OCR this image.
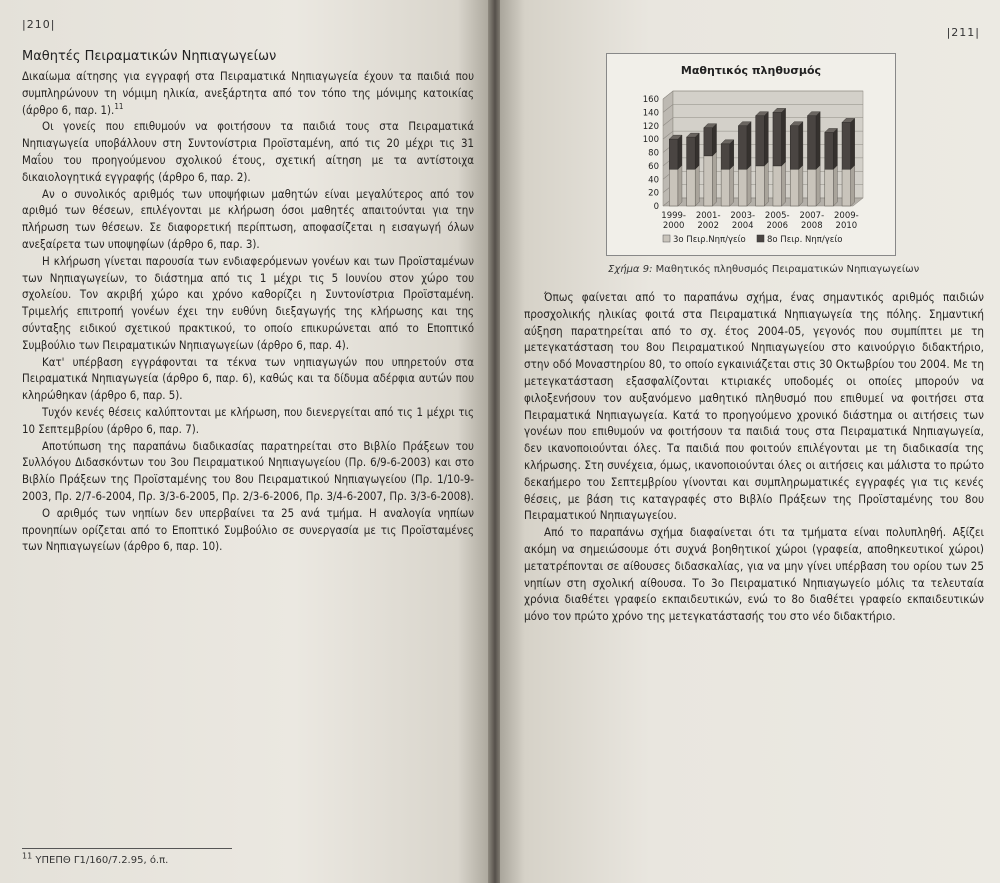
|210|
Μαθητές Πειραματικών Νηπιαγωγείων

Δικαίωμα αίτησης για εγγραφή στα Πειραματικά Νηπιαγωγεία έχουν τα παιδιά που συμπληρώνουν τη νόμιμη ηλικία, ανεξάρτητα από τον τόπο της μόνιμης κατοικίας (άρθρο 6, παρ. 1).$^{11}$

Οι γονείς που επιθυμούν να φοιτήσουν τα παιδιά τους στα Πειραματικά Νηπιαγωγεία υποβάλλουν στη Συντονίστρια Προϊσταμένη, από τις 20 μέχρι τις 31 Μαΐου του προηγούμενου σχολικού έτους, σχετική αίτηση με τα αντίστοιχα δικαιολογητικά εγγραφής (άρθρο 6, παρ. 2).

Αν ο συνολικός αριθμός των υποψήφιων μαθητών είναι μεγαλύτερος από τον αριθμό των θέσεων, επιλέγονται με κλήρωση όσοι μαθητές απαιτούνται για την πλήρωση των θέσεων. Σε διαφορετική περίπτωση, αποφασίζεται η εισαγωγή όλων ανεξαίρετα των υποψηφίων (άρθρο 6, παρ. 3).

Η κλήρωση γίνεται παρουσία των ενδιαφερόμενων γονέων και των Προϊσταμένων των Νηπιαγωγείων, το διάστημα από τις 1 μέχρι τις 5 Ιουνίου στον χώρο του σχολείου. Τον ακριβή χώρο και χρόνο καθορίζει η Συντονίστρια Προϊσταμένη. Τριμελής επιτροπή γονέων έχει την ευθύνη διεξαγωγής της κλήρωσης και της σύνταξης ειδικού σχετικού πρακτικού, το οποίο επικυρώνεται από το Εποπτικό Συμβούλιο των Πειραματικών Νηπιαγωγείων (άρθρο 6, παρ. 4).

Κατ' υπέρβαση εγγράφονται τα τέκνα των νηπιαγωγών που υπηρετούν στα Πειραματικά Νηπιαγωγεία (άρθρο 6, παρ. 6), καθώς και τα δίδυμα αδέρφια αυτών που κληρώθηκαν (άρθρο 6, παρ. 5).

Τυχόν κενές θέσεις καλύπτονται με κλήρωση, που διενεργείται από τις 1 μέχρι τις 10 Σεπτεμβρίου (άρθρο 6, παρ. 7).

Αποτύπωση της παραπάνω διαδικασίας παρατηρείται στο Βιβλίο Πράξεων του Συλλόγου Διδασκόντων του 3ου Πειραματικού Νηπιαγωγείου (Πρ. 6/9-6-2003) και στο Βιβλίο Πράξεων της Προϊσταμένης του 8ου Πειραματικού Νηπιαγωγείου (Πρ. 1/10-9-2003, Πρ. 2/7-6-2004, Πρ. 3/3-6-2005, Πρ. 2/3-6-2006, Πρ. 3/4-6-2007, Πρ. 3/3-6-2008).

Ο αριθμός των νηπίων δεν υπερβαίνει τα 25 ανά τμήμα. Η αναλογία νηπίων προνηπίων ορίζεται από το Εποπτικό Συμβούλιο σε συνεργασία με τις Προϊσταμένες των Νηπιαγωγείων (άρθρο 6, παρ. 10).

$^{11}$ ΥΠΕΠΘ Γ1/160/7.2.95, ό.π.
|211|
Μαθητικός πληθυσμός
0
20
40
60
80
100
120
140
160
1999-
2000
2001-
2002
2003-
2004
2005-
2006
2007-
2008
2009-
2010
3ο Πειρ.Νηπ/γείο	8ο Πειρ. Νηπ/γείο
Σχήμα 9: Μαθητικός πληθυσμός Πειραματικών Νηπιαγωγείων

Όπως φαίνεται από το παραπάνω σχήμα, ένας σημαντικός αριθμός παιδιών προσχολικής ηλικίας φοιτά στα Πειραματικά Νηπιαγωγεία της πόλης. Σημαντική αύξηση παρατηρείται από το σχ. έτος 2004-05, γεγονός που συμπίπτει με τη μετεγκατάσταση του 8ου Πειραματικού Νηπιαγωγείου στο καινούργιο διδακτήριο, στην οδό Μοναστηρίου 80, το οποίο εγκαινιάζεται στις 30 Οκτωβρίου του 2004. Με τη μετεγκατάσταση εξασφαλίζονται κτιριακές υποδομές οι οποίες μπορούν να φιλοξενήσουν τον αυξανόμενο μαθητικό πληθυσμό που επιθυμεί να φοιτήσει στα Πειραματικά Νηπιαγωγεία. Κατά το προηγούμενο χρονικό διάστημα οι αιτήσεις των γονέων που επιθυμούν να φοιτήσουν τα παιδιά τους στα Πειραματικά Νηπιαγωγεία, δεν ικανοποιούνται όλες. Τα παιδιά που φοιτούν επιλέγονται με τη διαδικασία της κλήρωσης. Στη συνέχεια, όμως, ικανοποιούνται όλες οι αιτήσεις και μάλιστα το πρώτο δεκαήμερο του Σεπτεμβρίου γίνονται και συμπληρωματικές εγγραφές για τις κενές θέσεις, με βάση τις καταγραφές στο Βιβλίο Πράξεων της Προϊσταμένης του 8ου Πειραματικού Νηπιαγωγείου.

Από το παραπάνω σχήμα διαφαίνεται ότι τα τμήματα είναι πολυπληθή. Αξίζει ακόμη να σημειώσουμε ότι συχνά βοηθητικοί χώροι (γραφεία, αποθηκευτικοί χώροι) μετατρέπονται σε αίθουσες διδασκαλίας, για να μην γίνει υπέρβαση του ορίου των 25 νηπίων στη σχολική αίθουσα. Το 3ο Πειραματικό Νηπιαγωγείο μόλις τα τελευταία χρόνια διαθέτει γραφείο εκπαιδευτικών, ενώ το 8ο διαθέτει γραφείο εκπαιδευτικών μόνο τον πρώτο χρόνο της μετεγκατάστασής του στο νέο διδακτήριο.
